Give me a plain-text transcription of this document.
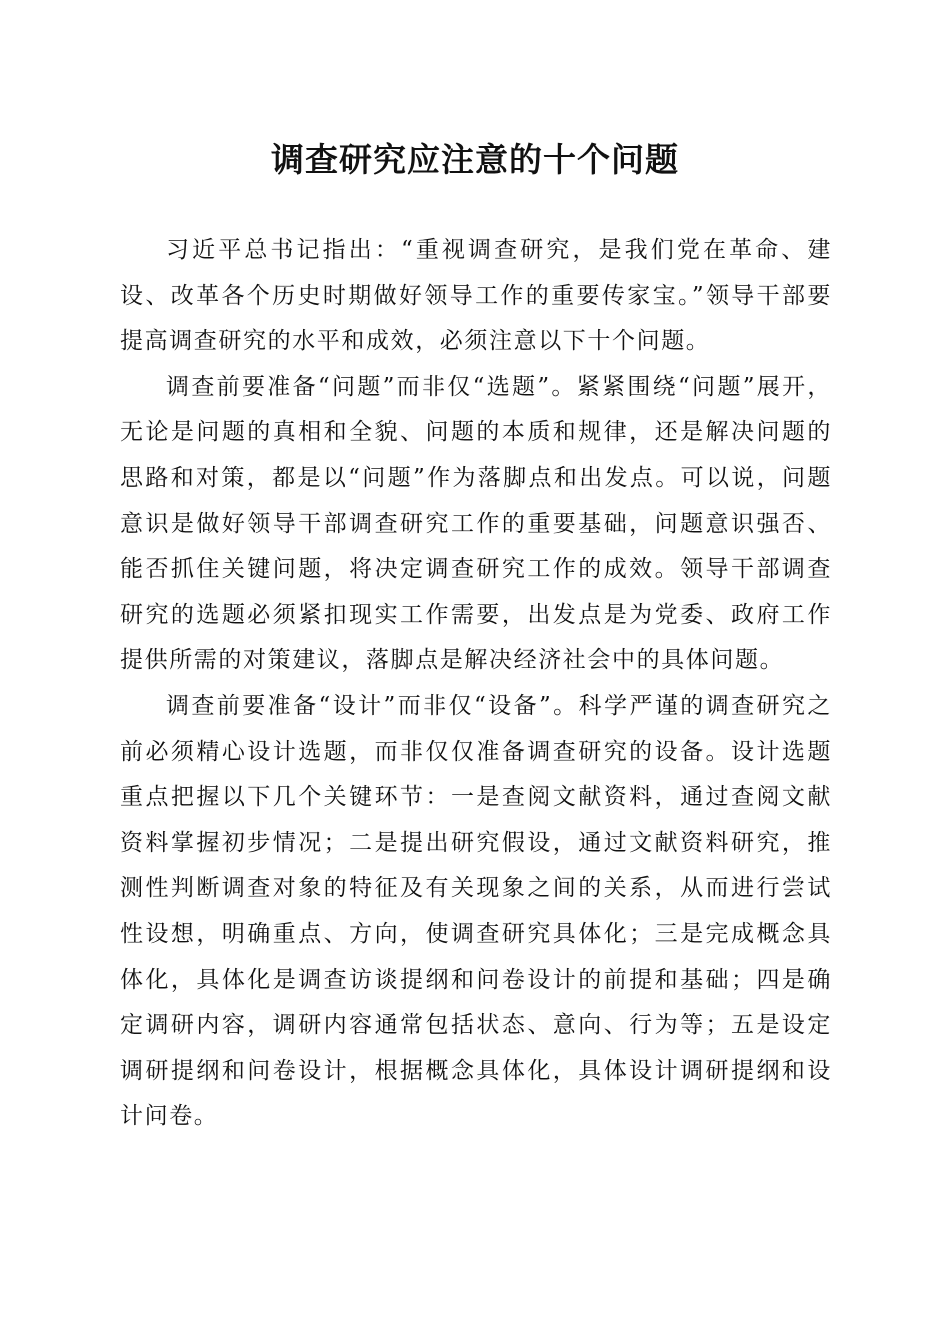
调查研究应注意的十个问题

习近平总书记指出：“重视调查研究，是我们党在革命、建设、改革各个历史时期做好领导工作的重要传家宝。”领导干部要提高调查研究的水平和成效，必须注意以下十个问题。

调查前要准备“问题”而非仅“选题”。紧紧围绕“问题”展开，无论是问题的真相和全貌、问题的本质和规律，还是解决问题的思路和对策，都是以“问题”作为落脚点和出发点。可以说，问题意识是做好领导干部调查研究工作的重要基础，问题意识强否、能否抓住关键问题，将决定调查研究工作的成效。领导干部调查研究的选题必须紧扣现实工作需要，出发点是为党委、政府工作提供所需的对策建议，落脚点是解决经济社会中的具体问题。

调查前要准备“设计”而非仅“设备”。科学严谨的调查研究之前必须精心设计选题，而非仅仅准备调查研究的设备。设计选题重点把握以下几个关键环节：一是查阅文献资料，通过查阅文献资料掌握初步情况；二是提出研究假设，通过文献资料研究，推测性判断调查对象的特征及有关现象之间的关系，从而进行尝试性设想，明确重点、方向，使调查研究具体化；三是完成概念具体化，具体化是调查访谈提纲和问卷设计的前提和基础；四是确定调研内容，调研内容通常包括状态、意向、行为等；五是设定调研提纲和问卷设计，根据概念具体化，具体设计调研提纲和设计问卷。
